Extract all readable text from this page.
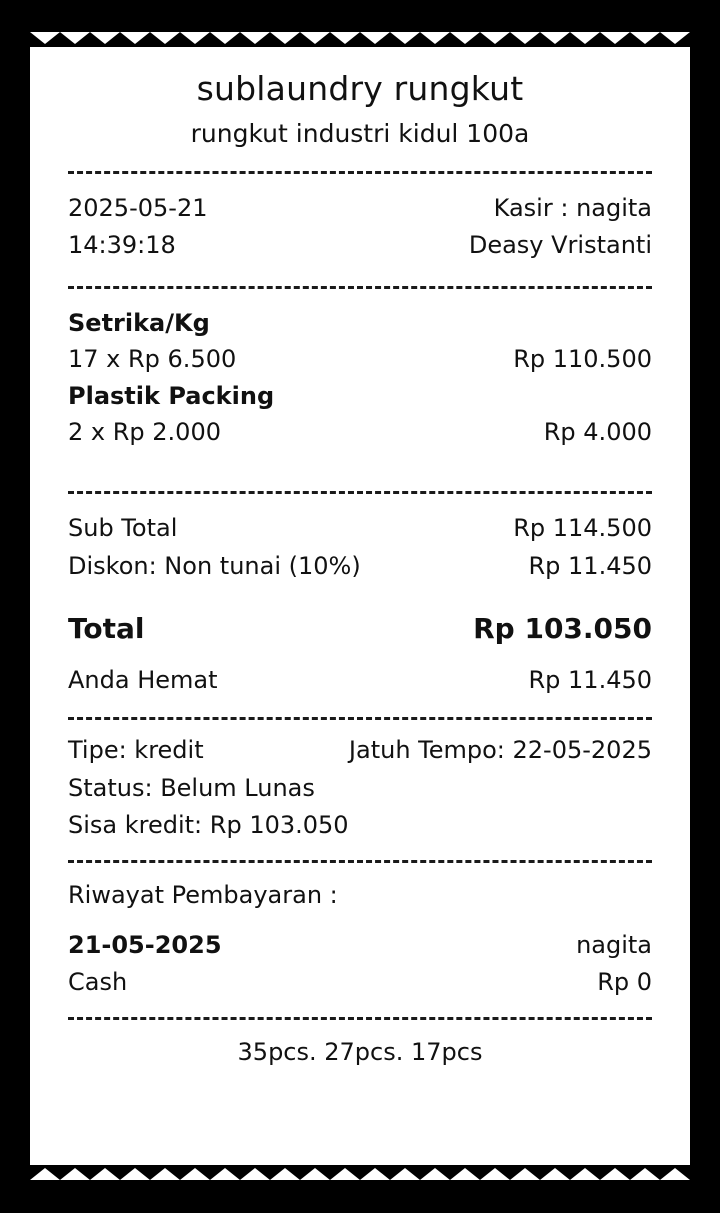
sublaundry rungkut
rungkut industri kidul 100a
2025-05-21	Kasir : nagita
14:39:18	Deasy Vristanti
Setrika/Kg
17 x Rp 6.500	Rp 110.500
Plastik Packing
2 x Rp 2.000	Rp 4.000
Sub Total	Rp 114.500
Diskon: Non tunai (10%)	Rp 11.450
Total	Rp 103.050
Anda Hemat	Rp 11.450
Tipe: kredit	Jatuh Tempo: 22-05-2025
Status: Belum Lunas
Sisa kredit: Rp 103.050
Riwayat Pembayaran :
21-05-2025	nagita
Cash	Rp 0
35pcs. 27pcs. 17pcs
